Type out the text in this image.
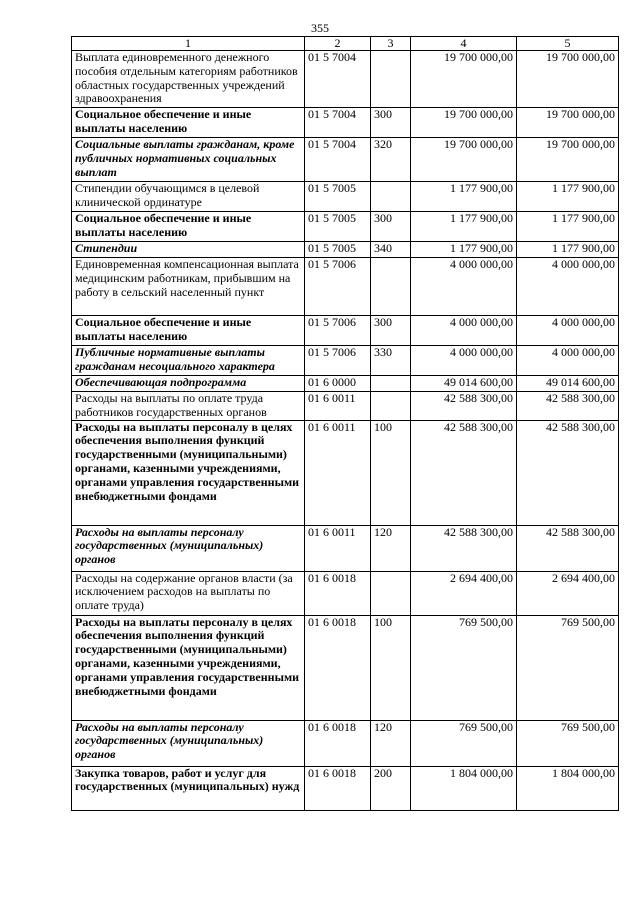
355
1	2	3	4	5
Выплата единовременного денежного пособия отдельным категориям работников областных государственных учреждений здравоохранения	01 5 7004		19 700 000,00	19 700 000,00
Социальное обеспечение и иные выплаты населению	01 5 7004	300	19 700 000,00	19 700 000,00
Социальные выплаты гражданам, кроме публичных нормативных социальных выплат	01 5 7004	320	19 700 000,00	19 700 000,00
Стипендии обучающимся в целевой клинической ординатуре	01 5 7005		1 177 900,00	1 177 900,00
Социальное обеспечение и иные выплаты населению	01 5 7005	300	1 177 900,00	1 177 900,00
Стипендии	01 5 7005	340	1 177 900,00	1 177 900,00
Единовременная компенсационная выплата медицинским работникам, прибывшим на работу в сельский населенный пункт	01 5 7006		4 000 000,00	4 000 000,00
Социальное обеспечение и иные выплаты населению	01 5 7006	300	4 000 000,00	4 000 000,00
Публичные нормативные выплаты гражданам несоциального характера	01 5 7006	330	4 000 000,00	4 000 000,00
Обеспечивающая подпрограмма	01 6 0000		49 014 600,00	49 014 600,00
Расходы на выплаты по оплате труда работников государственных органов	01 6 0011		42 588 300,00	42 588 300,00
Расходы на выплаты персоналу в целях обеспечения выполнения функций государственными (муниципальными) органами, казенными учреждениями, органами управления государственными внебюджетными фондами	01 6 0011	100	42 588 300,00	42 588 300,00
Расходы на выплаты персоналу государственных (муниципальных) органов	01 6 0011	120	42 588 300,00	42 588 300,00
Расходы на содержание органов власти (за исключением расходов на выплаты по оплате труда)	01 6 0018		2 694 400,00	2 694 400,00
Расходы на выплаты персоналу в целях обеспечения выполнения функций государственными (муниципальными) органами, казенными учреждениями, органами управления государственными внебюджетными фондами	01 6 0018	100	769 500,00	769 500,00
Расходы на выплаты персоналу государственных (муниципальных) органов	01 6 0018	120	769 500,00	769 500,00
Закупка товаров, работ и услуг для государственных (муниципальных) нужд	01 6 0018	200	1 804 000,00	1 804 000,00
